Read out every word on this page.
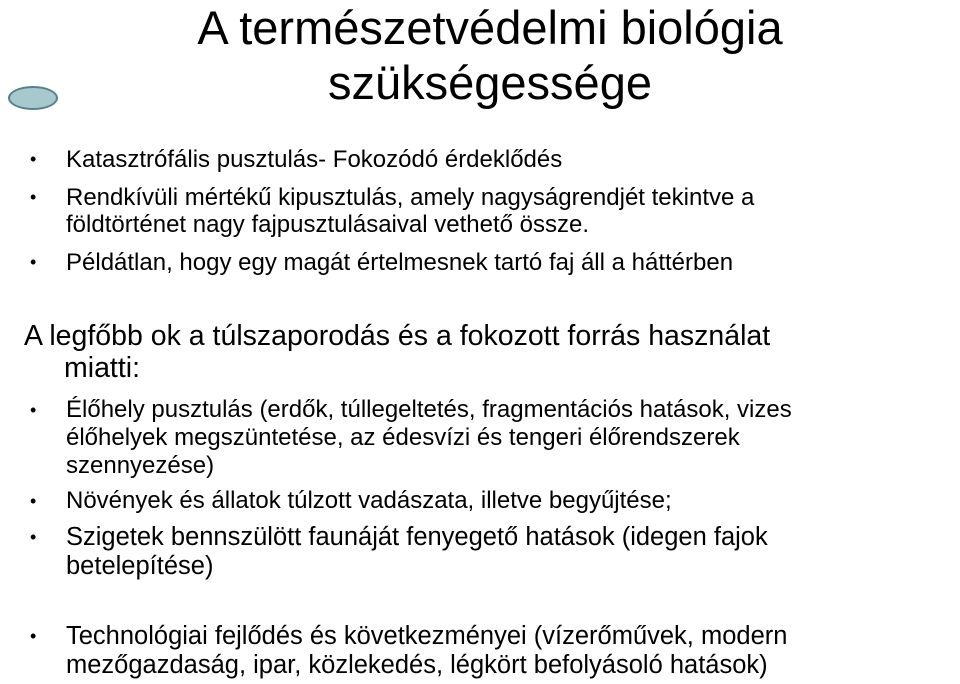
A természetvédelmi biológia
szükségessége
• Katasztrófális pusztulás- Fokozódó érdeklődés
• Rendkívüli mértékű kipusztulás, amely nagyságrendjét tekintve a
földtörténet nagy fajpusztulásaival vethető össze.
• Példátlan, hogy egy magát értelmesnek tartó faj áll a háttérben
A legfőbb ok a túlszaporodás és a fokozott forrás használat
miatti:
• Élőhely pusztulás (erdők, túllegeltetés, fragmentációs hatások, vizes
élőhelyek megszüntetése, az édesvízi és tengeri élőrendszerek
szennyezése)
• Növények és állatok túlzott vadászata, illetve begyűjtése;
• Szigetek bennszülött faunáját fenyegető hatások (idegen fajok
betelepítése)
• Technológiai fejlődés és következményei (vízerőművek, modern
mezőgazdaság, ipar, közlekedés, légkört befolyásoló hatások)
